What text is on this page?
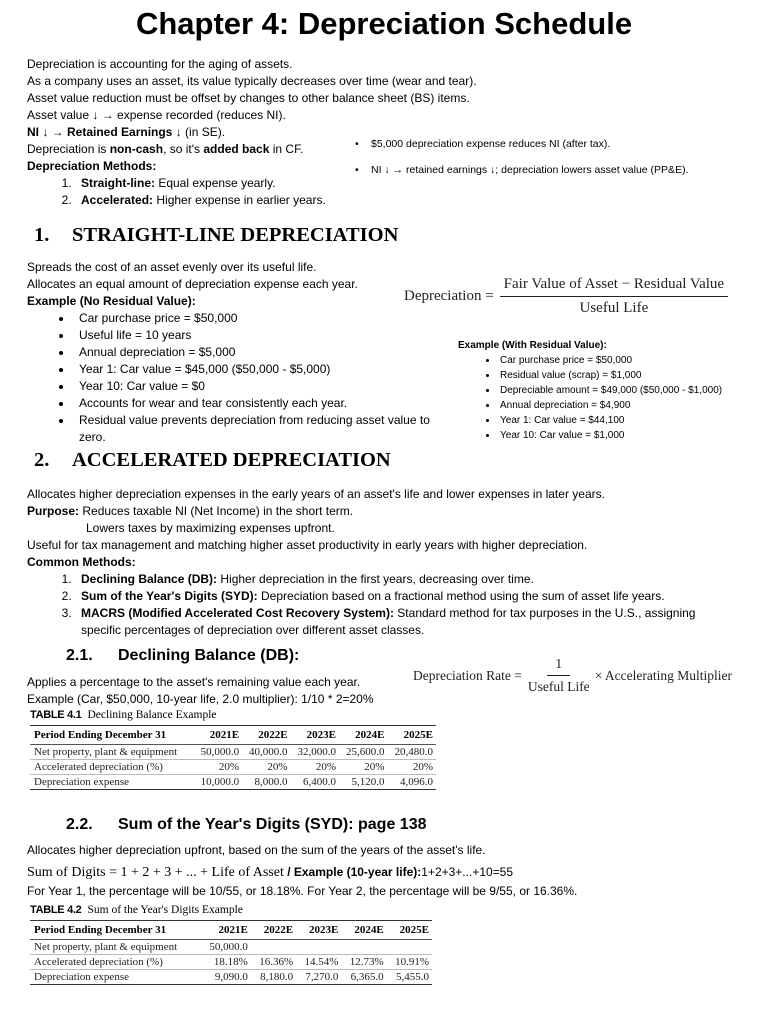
Chapter 4: Depreciation Schedule

Depreciation is accounting for the aging of assets.

As a company uses an asset, its value typically decreases over time (wear and tear).

Asset value reduction must be offset by changes to other balance sheet (BS) items.

Asset value ↓ → expense recorded (reduces NI).

NI ↓ → Retained Earnings ↓ (in SE).

Depreciation is non-cash, so it's added back in CF.

Depreciation Methods:

1. Straight-line: Equal expense yearly.
2. Accelerated: Higher expense in earlier years.
• $5,000 depreciation expense reduces NI (after tax).
• NI ↓ → retained earnings ↓; depreciation lowers asset value (PP&E).
1. STRAIGHT-LINE DEPRECIATION

Spreads the cost of an asset evenly over its useful life.

Allocates an equal amount of depreciation expense each year.

Example (No Residual Value):

• Car purchase price = $50,000
• Useful life = 10 years
• Annual depreciation = $5,000
• Year 1: Car value = $45,000 ($50,000 - $5,000)
• Year 10: Car value = $0
• Accounts for wear and tear consistently each year.
• Residual value prevents depreciation from reducing asset value to zero.
Depreciation = $\frac{\text{Fair Value of Asset − Residual Value}}{\text{Useful Life}}$
Example (With Residual Value):
• Car purchase price = $50,000
• Residual value (scrap) = $1,000
• Depreciable amount = $49,000 ($50,000 - $1,000)
• Annual depreciation = $4,900
• Year 1: Car value = $44,100
• Year 10: Car value = $1,000
2. ACCELERATED DEPRECIATION

Allocates higher depreciation expenses in the early years of an asset's life and lower expenses in later years.

Purpose: Reduces taxable NI (Net Income) in the short term.

Lowers taxes by maximizing expenses upfront.

Useful for tax management and matching higher asset productivity in early years with higher depreciation.

Common Methods:

1. Declining Balance (DB): Higher depreciation in the first years, decreasing over time.
2. Sum of the Year's Digits (SYD): Depreciation based on a fractional method using the sum of asset life years.
3. MACRS (Modified Accelerated Cost Recovery System): Standard method for tax purposes in the U.S., assigning specific percentages of depreciation over different asset classes.
2.1. Declining Balance (DB):
Depreciation Rate = $\frac{1}{\text{Useful Life}}$ × Accelerating Multiplier

Applies a percentage to the asset's remaining value each year.

Example (Car, $50,000, 10-year life, 2.0 multiplier): 1/10 * 2=20%

TABLE 4.1 Declining Balance Example
Period Ending December 31	2021E	2022E	2023E	2024E	2025E
Net property, plant & equipment	50,000.0	40,000.0	32,000.0	25,600.0	20,480.0
Accelerated depreciation (%)	20%	20%	20%	20%	20%
Depreciation expense	10,000.0	8,000.0	6,400.0	5,120.0	4,096.0
2.2. Sum of the Year's Digits (SYD): page 138

Allocates higher depreciation upfront, based on the sum of the years of the asset's life.

Sum of Digits = 1 + 2 + 3 + ... + Life of Asset / Example (10-year life):1+2+3+...+10=55

For Year 1, the percentage will be 10/55, or 18.18%. For Year 2, the percentage will be 9/55, or 16.36%.

TABLE 4.2 Sum of the Year's Digits Example
Period Ending December 31	2021E	2022E	2023E	2024E	2025E
Net property, plant & equipment	50,000.0				
Accelerated depreciation (%)	18.18%	16.36%	14.54%	12.73%	10.91%
Depreciation expense	9,090.0	8,180.0	7,270.0	6,365.0	5,455.0
